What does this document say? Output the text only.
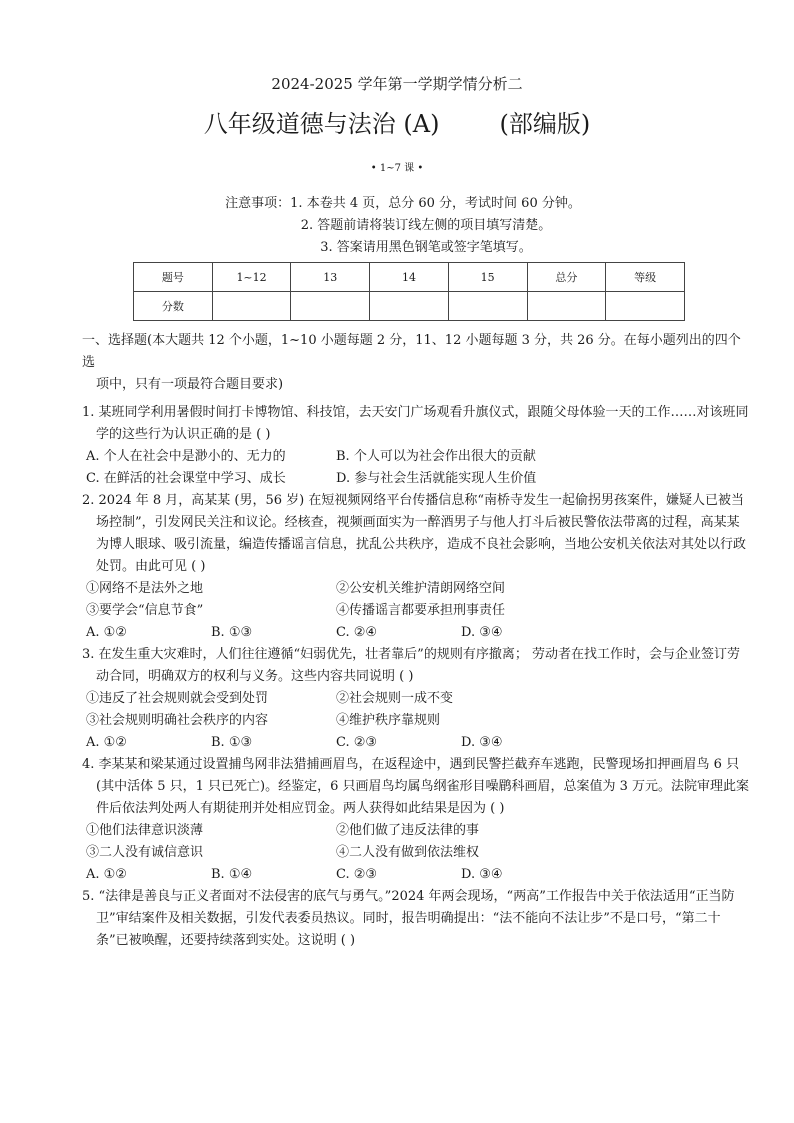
2024-2025 学年第一学期学情分析二
八年级道德与法治 (A)	(部编版)
• 1~7 课 •
注意事项：1. 本卷共 4 页，总分 60 分，考试时间 60 分钟。
2. 答题前请将装订线左侧的项目填写清楚。
3. 答案请用黑色钢笔或签字笔填写。
题号	1~12	13	14	15	总分	等级
分数						
一、选择题(本大题共 12 个小题，1~10 小题每题 2 分，11、12 小题每题 3 分，共 26 分。在每小题列出的四个选
项中，只有一项最符合题目要求)
1. 某班同学利用暑假时间打卡博物馆、科技馆，去天安门广场观看升旗仪式，跟随父母体验一天的工作……对该班同学的这些行为认识正确的是 ( )
A. 个人在社会中是渺小的、无力的	B. 个人可以为社会作出很大的贡献
C. 在鲜活的社会课堂中学习、成长	D. 参与社会生活就能实现人生价值
2. 2024 年 8 月，高某某 (男，56 岁) 在短视频网络平台传播信息称“南桥寺发生一起偷拐男孩案件，嫌疑人已被当场控制”，引发网民关注和议论。经核查，视频画面实为一醉酒男子与他人打斗后被民警依法带离的过程，高某某为博人眼球、吸引流量，编造传播谣言信息，扰乱公共秩序，造成不良社会影响，当地公安机关依法对其处以行政处罚。由此可见 ( )
①网络不是法外之地	②公安机关维护清朗网络空间
③要学会“信息节食”	④传播谣言都要承担刑事责任
A. ①②	B. ①③	C. ②④	D. ③④
3. 在发生重大灾难时，人们往往遵循“妇弱优先，壮者靠后”的规则有序撤离； 劳动者在找工作时，会与企业签订劳动合同，明确双方的权利与义务。这些内容共同说明 ( )
①违反了社会规则就会受到处罚	②社会规则一成不变
③社会规则明确社会秩序的内容	④维护秩序靠规则
A. ①②	B. ①③	C. ②③	D. ③④
4. 李某某和梁某通过设置捕鸟网非法猎捕画眉鸟，在返程途中，遇到民警拦截弃车逃跑，民警现场扣押画眉鸟 6 只(其中活体 5 只，1 只已死亡)。经鉴定，6 只画眉鸟均属鸟纲雀形目噪鹛科画眉，总案值为 3 万元。法院审理此案件后依法判处两人有期徒刑并处相应罚金。两人获得如此结果是因为 ( )
①他们法律意识淡薄	②他们做了违反法律的事
③二人没有诚信意识	④二人没有做到依法维权
A. ①②	B. ①④	C. ②③	D. ③④
5. “法律是善良与正义者面对不法侵害的底气与勇气。”2024 年两会现场，“两高”工作报告中关于依法适用“正当防卫”审结案件及相关数据，引发代表委员热议。同时，报告明确提出：“法不能向不法让步”不是口号，“第二十条”已被唤醒，还要持续落到实处。这说明 ( )
